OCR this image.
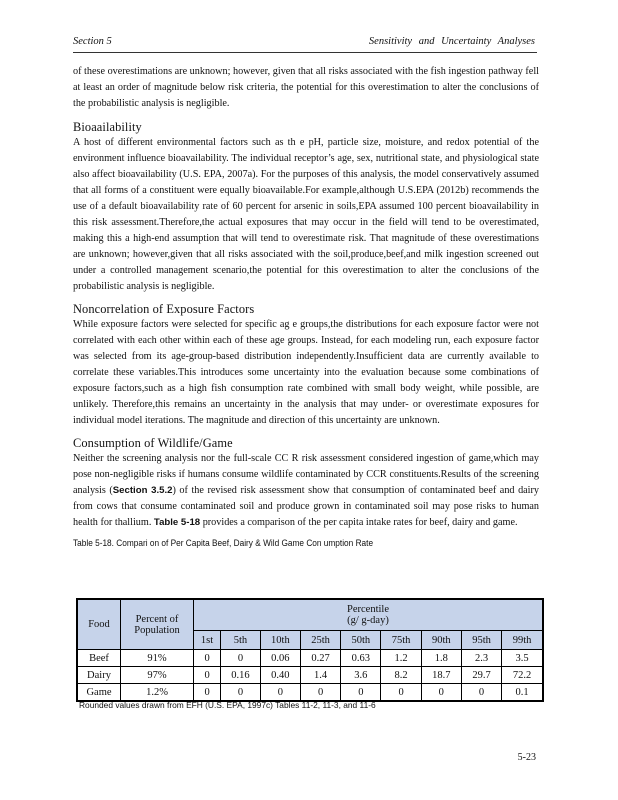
Section 5	Sensitivity and Uncertainty Analyses

of these overestimations are unknown; however, given that all risks associated with the fish ingestion pathway fell at least an order of magnitude below risk criteria, the potential for this overestimation to alter the conclusions of the probabilistic analysis is negligible.

Bioaailability

A host of different environmental factors such as th e pH, particle size, moisture, and redox potential of the environment influence bioavailability. The individual receptor’s age, sex, nutritional state, and physiological state also affect bioavailability (U.S. EPA, 2007a). For the purposes of this analysis, the model conservatively assumed that all forms of a constituent were equally bioavailable.For example,although U.S.EPA (2012b) recommends the use of a default bioavailability rate of 60 percent for arsenic in soils,EPA assumed 100 percent bioavailability in this risk assessment.Therefore,the actual exposures that may occur in the field will tend to be overestimated, making this a high-end assumption that will tend to overestimate risk. That magnitude of these overestimations are unknown; however,given that all risks associated with the soil,produce,beef,and milk ingestion screened out under a controlled management scenario,the potential for this overestimation to alter the conclusions of the probabilistic analysis is negligible.

Noncorrelation of Exposure Factors

While exposure factors were selected for specific ag e groups,the distributions for each exposure factor were not correlated with each other within each of these age groups. Instead, for each modeling run, each exposure factor was selected from its age-group-based distribution independently.Insufficient data are currently available to correlate these variables.This introduces some uncertainty into the evaluation because some combinations of exposure factors,such as a high fish consumption rate combined with small body weight, while possible, are unlikely. Therefore,this remains an uncertainty in the analysis that may under- or overestimate exposures for individual model iterations. The magnitude and direction of this uncertainty are unknown.

Consumption of Wildlife/Game

Neither the screening analysis nor the full-scale CC R risk assessment considered ingestion of game,which may pose non-negligible risks if humans consume wildlife contaminated by CCR constituents.Results of the screening analysis (Section 3.5.2) of the revised risk assessment show that consumption of contaminated beef and dairy from cows that consume contaminated soil and produce grown in contaminated soil may pose risks to human health for thallium. Table 5-18 provides a comparison of the per capita intake rates for beef, dairy and game.

Table 5-18. Compari on of Per Capita Beef, Dairy & Wild Game Con umption Rate
Food	Percent of Population	Percentile
(g/ g-day)								

		1st	5th	10th	25th	50th	75th	90th	95th	99th
Beef	91%	0	0	0.06	0.27	0.63	1.2	1.8	2.3	3.5
Dairy	97%	0	0.16	0.40	1.4	3.6	8.2	18.7	29.7	72.2
Game	1.2%	0	0	0	0	0	0	0	0	0.1
Rounded values drawn from EFH (U.S. EPA, 1997c) Tables 11-2, 11-3, and 11-6
5-23
